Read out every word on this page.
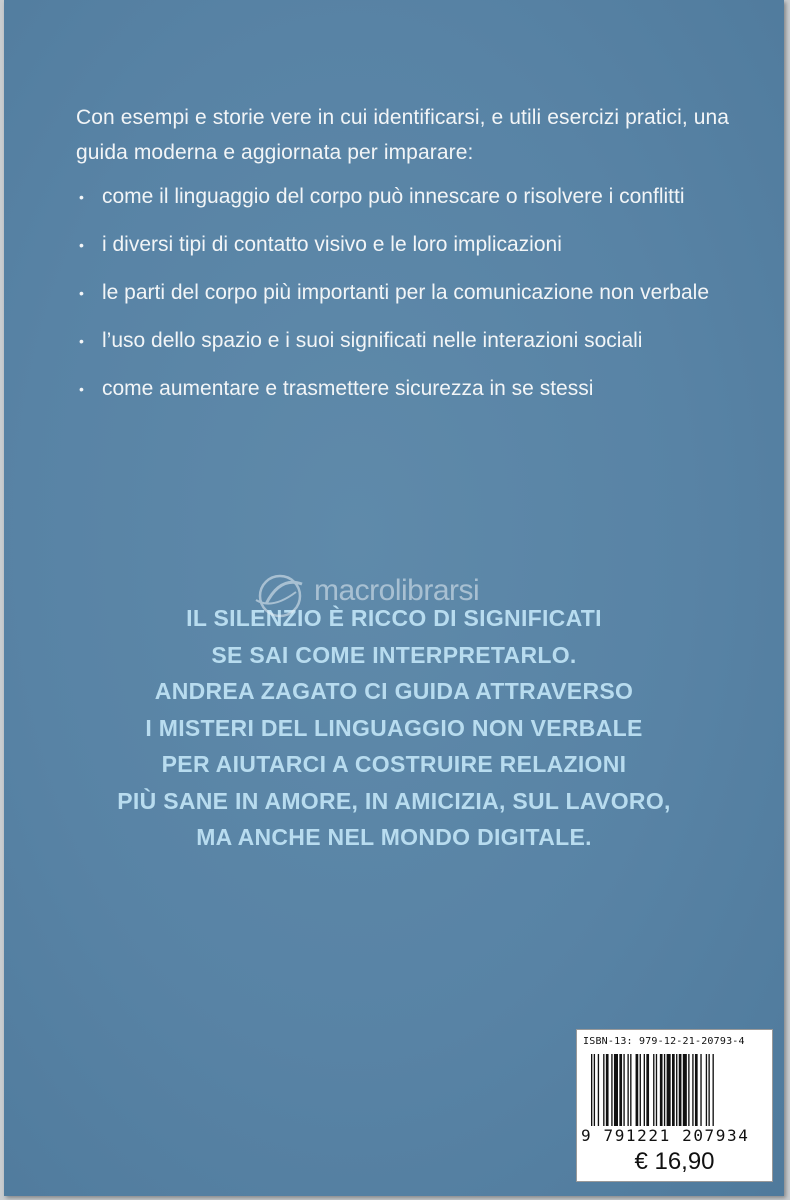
Con esempi e storie vere in cui identificarsi, e utili esercizi pratici, una guida moderna e aggiornata per imparare:

• come il linguaggio del corpo può innescare o risolvere i conflitti
• i diversi tipi di contatto visivo e le loro implicazioni
• le parti del corpo più importanti per la comunicazione non verbale
• l’uso dello spazio e i suoi significati nelle interazioni sociali
• come aumentare e trasmettere sicurezza in se stessi
IL SILENZIO È RICCO DI SIGNIFICATI
SE SAI COME INTERPRETARLO.
ANDREA ZAGATO CI GUIDA ATTRAVERSO
I MISTERI DEL LINGUAGGIO NON VERBALE
PER AIUTARCI A COSTRUIRE RELAZIONI
PIÙ SANE IN AMORE, IN AMICIZIA, SUL LAVORO,
MA ANCHE NEL MONDO DIGITALE.
macrolibrarsi
ISBN-13: 979-12-21-20793-4
9 791221 207934
€ 16,90
